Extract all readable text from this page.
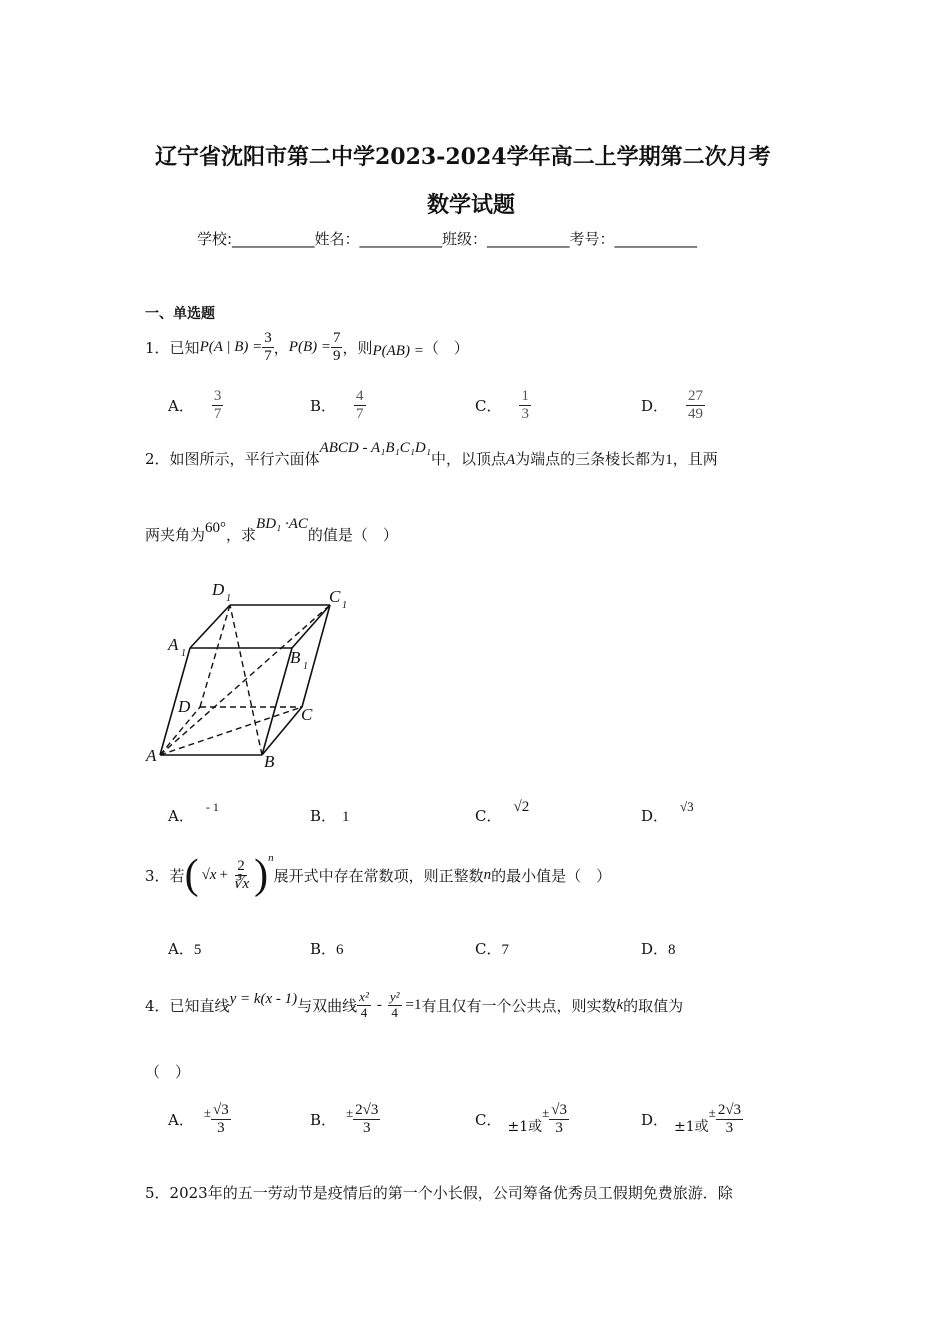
辽宁省沈阳市第二中学2023-2024学年高二上学期第二次月考
数学试题
学校:___________姓名：___________班级：___________考号：___________
一、单选题
1． 已知 P(A | $B) = \frac{3}{7}$ ， $P(B) = \frac{7}{9}$ ，则 P(AB) = （　）
A． $\frac{3}{7}$	B． $\frac{4}{7}$	C． $\frac{1}{3}$	D． $\frac{27}{49}$
2． 如图所示，平行六面体
ABCD - A₁B₁C₁D₁
中，以顶点 A 为端点的三条棱长都为 1 ，且两
两夹角为 60° ，求
BD₁ ·AC
的值是（　）
D 1	C 1
A 1	B 1
D	C
A	B
A． $^{- 1}$	B． 1	C． √2	D．√3
3． 若 ( $√x + \frac{2}{∛x}$ ) n
展开式中存在常数项，则正整数 n 的最小值是（　）
A．5	B．6	C．7	D．8
4． 已知直线 y = k(x - 1) 与双曲线 $\frac{\text{x²}}{4} - \frac{\text{y²}}{4} =1$ 有且仅有一个公共点，则实数 k 的取值为
（　）
A． ± $\frac{√3}{3}$	B． ± $\frac{2√3}{3}$	C． ±1或
± $\frac{√3}{3}$	D． ±1或
± $\frac{2√3}{3}$
5．2023年的五一劳动节是疫情后的第一个小长假，公司筹备优秀员工假期免费旅游．除
